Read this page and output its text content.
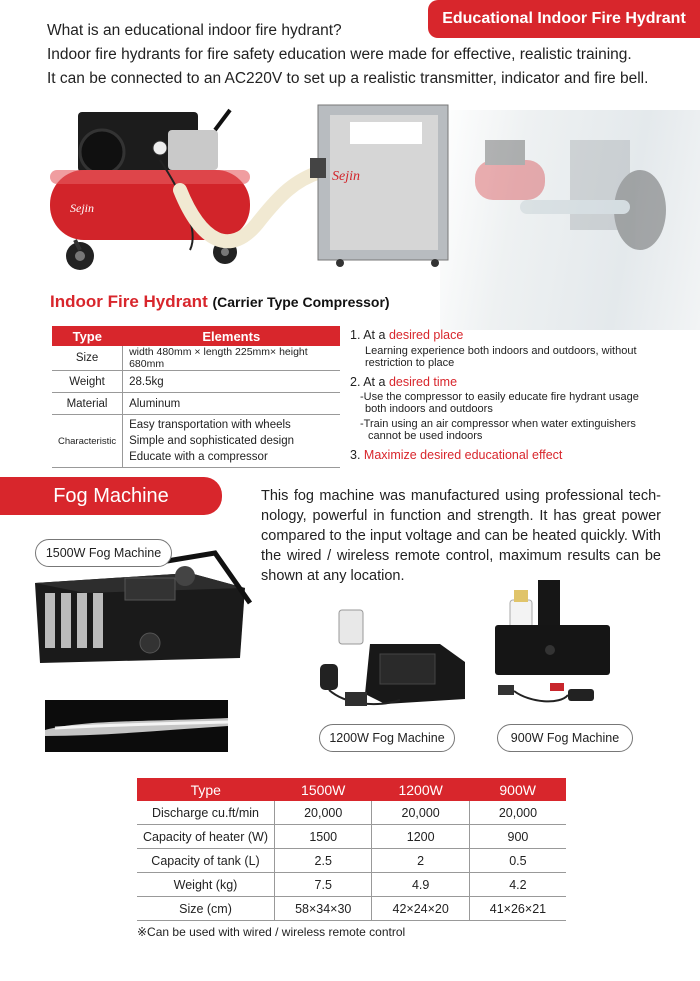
Educational Indoor Fire Hydrant
What is an educational indoor fire hydrant?
Indoor fire hydrants for fire safety education were made for effective, realistic training.
It can be connected to an AC220V to set up a realistic transmitter, indicator and fire bell.
Sejin
Sejin
Indoor Fire Hydrant (Carrier Type Compressor)
Type	Elements
Size	width 480mm × length 225mm× height 680mm
Weight	28.5kg
Material	Aluminum
Characteristic	Easy transportation with wheels
Simple and sophisticated design
Educate with a compressor
1. At a desired place
Learning experience both indoors and outdoors, without
restriction to place
2. At a desired time
-Use the compressor to easily educate fire hydrant usage
both indoors and outdoors
-Train using an air compressor when water extinguishers
cannot be used indoors
3. Maximize desired educational effect
Fog Machine	This fog machine was manufactured using professional tech-nology, powerful in function and strength. It has great power compared to the input voltage and can be heated quickly. With the wired / wireless remote control, maximum results can be shown at any location.
1500W Fog Machine
1200W Fog Machine	900W Fog Machine
Type	1500W	1200W	900W
Discharge cu.ft/min	20,000	20,000	20,000
Capacity of heater (W)	1500	1200	900
Capacity of tank (L)	2.5	2	0.5
Weight (kg)	7.5	4.9	4.2
Size (cm)	58×34×30	42×24×20	41×26×21
※Can be used with wired / wireless remote control
